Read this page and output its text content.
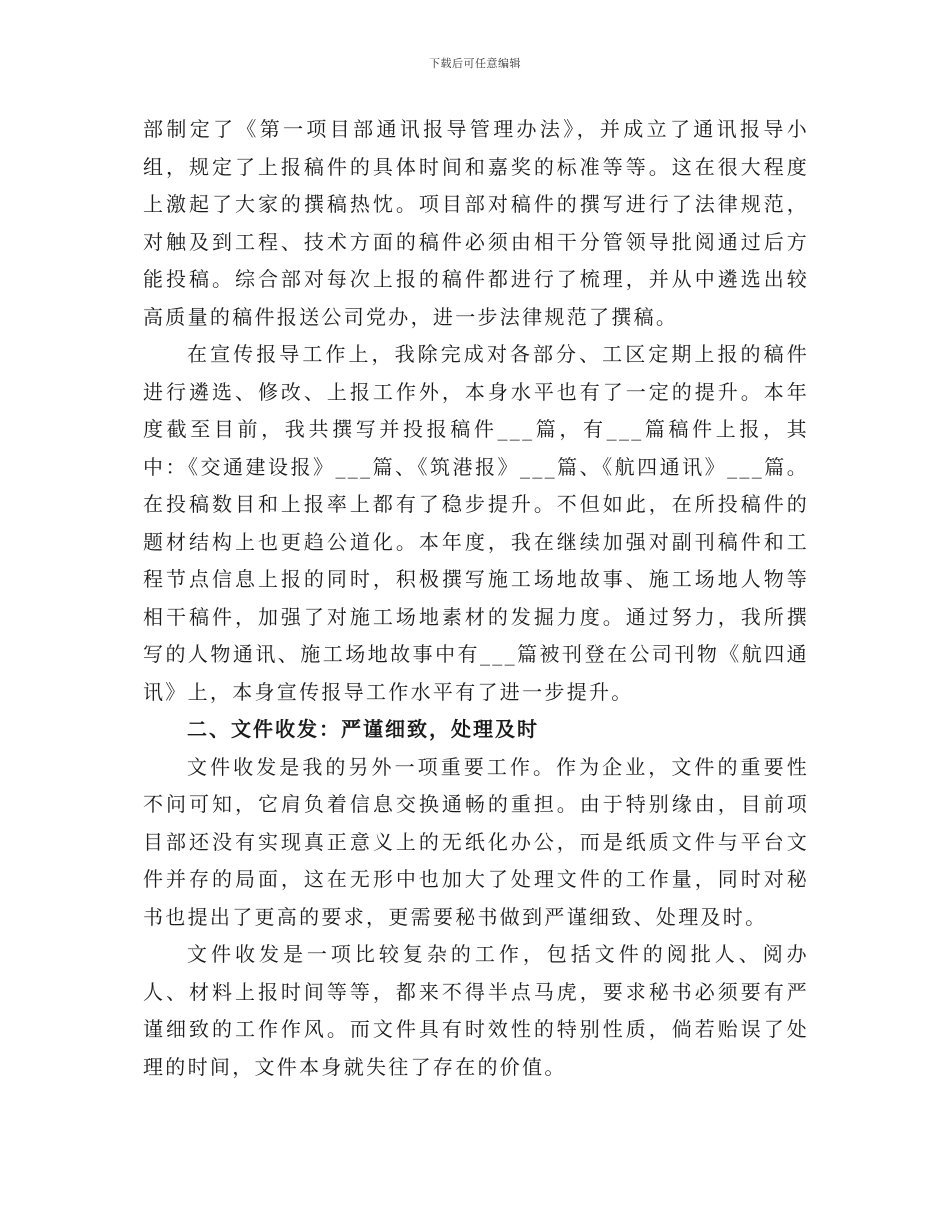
下载后可任意编辑

部制定了《第一项目部通讯报导管理办法》，并成立了通讯报导小组，规定了上报稿件的具体时间和嘉奖的标准等等。这在很大程度上激起了大家的撰稿热忱。项目部对稿件的撰写进行了法律规范，对触及到工程、技术方面的稿件必须由相干分管领导批阅通过后方能投稿。综合部对每次上报的稿件都进行了梳理，并从中遴选出较高质量的稿件报送公司党办，进一步法律规范了撰稿。

在宣传报导工作上，我除完成对各部分、工区定期上报的稿件进行遴选、修改、上报工作外，本身水平也有了一定的提升。本年度截至目前，我共撰写并投报稿件___篇，有___篇稿件上报，其中：《交通建设报》___篇、《筑港报》___篇、《航四通讯》___篇。在投稿数目和上报率上都有了稳步提升。不但如此，在所投稿件的题材结构上也更趋公道化。本年度，我在继续加强对副刊稿件和工程节点信息上报的同时，积极撰写施工场地故事、施工场地人物等相干稿件，加强了对施工场地素材的发掘力度。通过努力，我所撰写的人物通讯、施工场地故事中有___篇被刊登在公司刊物《航四通讯》上，本身宣传报导工作水平有了进一步提升。

二、文件收发：严谨细致，处理及时

文件收发是我的另外一项重要工作。作为企业，文件的重要性不问可知，它肩负着信息交换通畅的重担。由于特别缘由，目前项目部还没有实现真正意义上的无纸化办公，而是纸质文件与平台文件并存的局面，这在无形中也加大了处理文件的工作量，同时对秘书也提出了更高的要求，更需要秘书做到严谨细致、处理及时。

文件收发是一项比较复杂的工作，包括文件的阅批人、阅办人、材料上报时间等等，都来不得半点马虎，要求秘书必须要有严谨细致的工作作风。而文件具有时效性的特别性质，倘若贻误了处理的时间，文件本身就失往了存在的价值。
